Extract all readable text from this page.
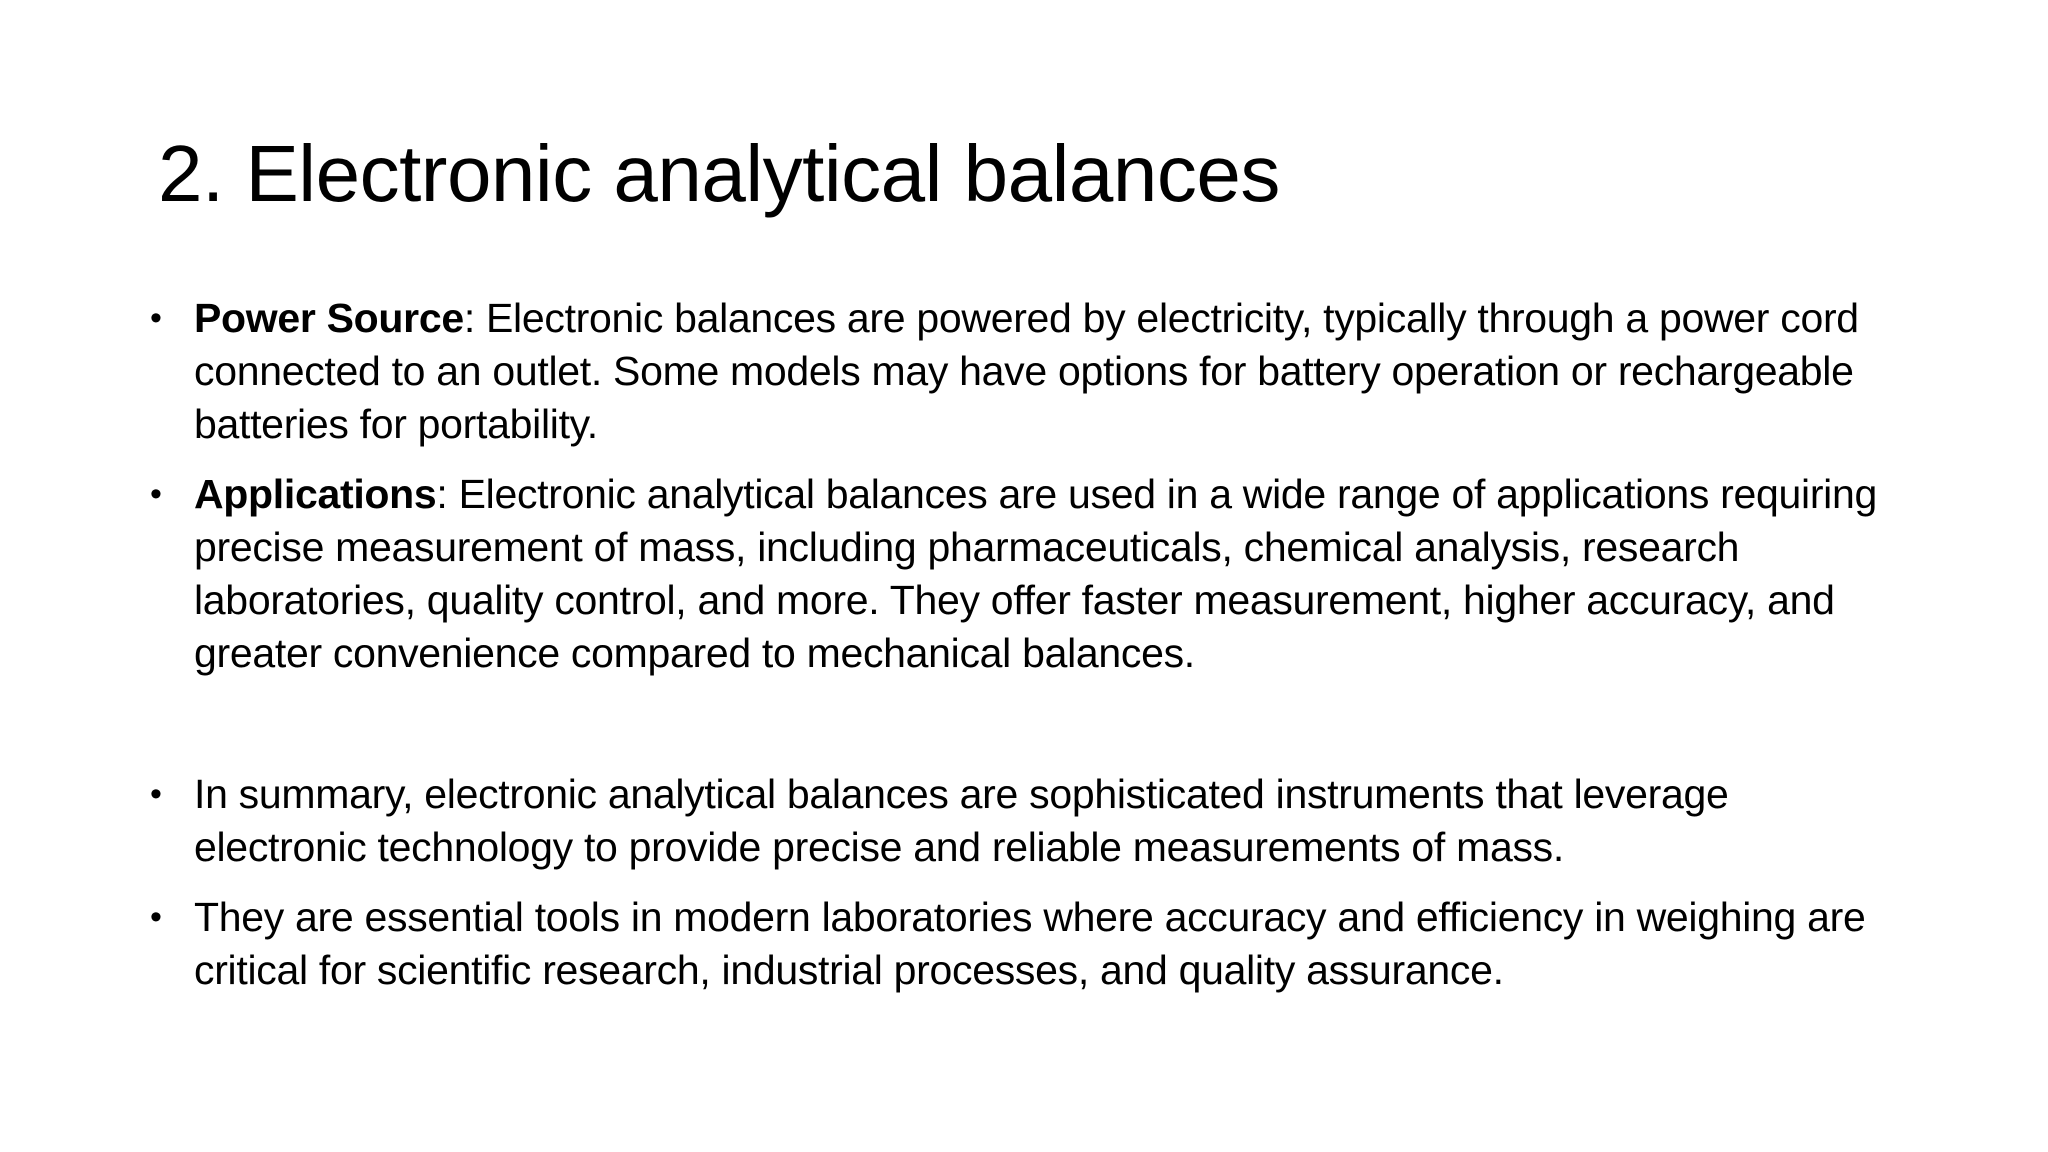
2. Electronic analytical balances
• Power Source: Electronic balances are powered by electricity, typically through a power cord connected to an outlet. Some models may have options for battery operation or rechargeable batteries for portability.
• Applications: Electronic analytical balances are used in a wide range of applications requiring precise measurement of mass, including pharmaceuticals, chemical analysis, research laboratories, quality control, and more. They offer faster measurement, higher accuracy, and greater convenience compared to mechanical balances.
• In summary, electronic analytical balances are sophisticated instruments that leverage electronic technology to provide precise and reliable measurements of mass.
• They are essential tools in modern laboratories where accuracy and efficiency in weighing are critical for scientific research, industrial processes, and quality assurance.
